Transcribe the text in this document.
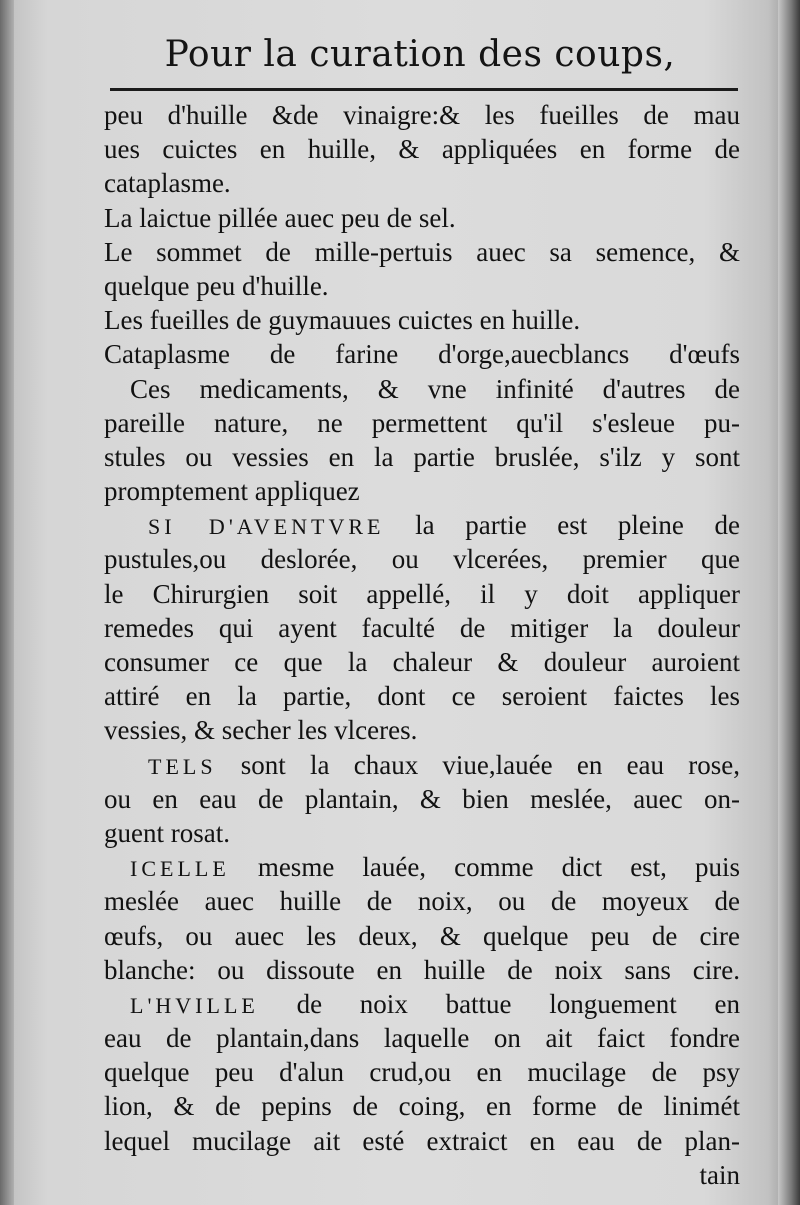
Pour la curation des coups,
peu d'huille &de vinaigre:& les fueilles de mau
ues cuictes en huille, & appliquées en forme de
cataplasme.
La laictue pillée auec peu de sel.
Le sommet de mille-pertuis auec sa semence, &
quelque peu d'huille.
Les fueilles de guymauues cuictes en huille.
Cataplasme de farine d'orge,auecblancs d'œufs
Ces medicaments, & vne infinité d'autres de
pareille nature, ne permettent qu'il s'esleue pu-
stules ou vessies en la partie bruslée, s'ilz y sont
promptement appliquez
SI D'AVENTVRE la partie est pleine de
pustules,ou deslorée, ou vlcerées, premier que
le Chirurgien soit appellé, il y doit appliquer
remedes qui ayent faculté de mitiger la douleur
consumer ce que la chaleur & douleur auroient
attiré en la partie, dont ce seroient faictes les
vessies, & secher les vlceres.
TELS sont la chaux viue,lauée en eau rose,
ou en eau de plantain, & bien meslée, auec on-
guent rosat.
ICELLE mesme lauée, comme dict est, puis
meslée auec huille de noix, ou de moyeux de
œufs, ou auec les deux, & quelque peu de cire
blanche: ou dissoute en huille de noix sans cire.
L'HVILLE de noix battue longuement en
eau de plantain,dans laquelle on ait faict fondre
quelque peu d'alun crud,ou en mucilage de psy
lion, & de pepins de coing, en forme de linimét
lequel mucilage ait esté extraict en eau de plan-
tain
